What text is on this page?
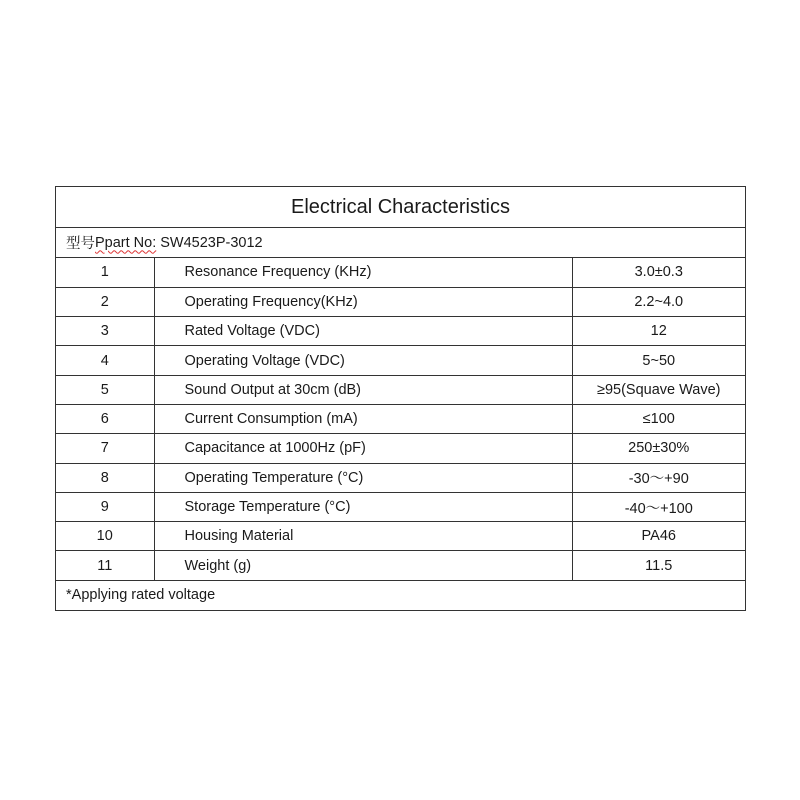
Electrical Characteristics
型号 Ppart No: SW4523P-3012
1	Resonance Frequency (KHz)	3.0±0.3
2	Operating Frequency(KHz)	2.2~4.0
3	Rated Voltage (VDC)	12
4	Operating Voltage (VDC)	5~50
5	Sound Output at 30cm (dB)	≥95(Squave Wave)
6	Current Consumption (mA)	≤100
7	Capacitance at 1000Hz (pF)	250±30%
8	Operating Temperature (°C)	-30～+90
9	Storage Temperature (°C)	-40～+100
10	Housing Material	PA46
11	Weight (g)	11.5
*Applying rated voltage
